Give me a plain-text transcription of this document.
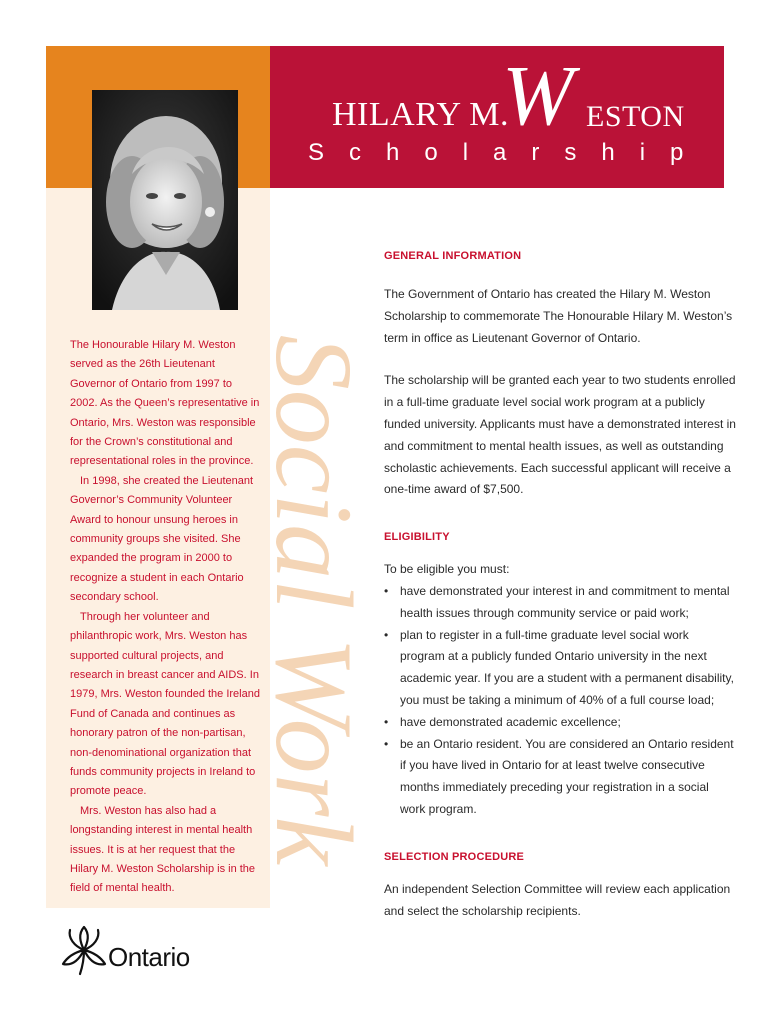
W
HILARY M.	ESTON
Scholarship
Social Work

The Honourable Hilary M. Weston served as the 26th Lieutenant Governor of Ontario from 1997 to 2002. As the Queen’s representative in Ontario, Mrs. Weston was responsible for the Crown’s constitutional and representational roles in the province.

In 1998, she created the Lieutenant Governor’s Community Volunteer Award to honour unsung heroes in community groups she visited. She expanded the program in 2000 to recognize a student in each Ontario secondary school.

Through her volunteer and philanthropic work, Mrs. Weston has supported cultural projects, and research in breast cancer and AIDS. In 1979, Mrs. Weston founded the Ireland Fund of Canada and continues as honorary patron of the non-partisan, non-denominational organization that funds community projects in Ireland to promote peace.

Mrs. Weston has also had a longstanding interest in mental health issues. It is at her request that the Hilary M. Weston Scholarship is in the field of mental health.

GENERAL INFORMATION

The Government of Ontario has created the Hilary M. Weston Scholarship to commemorate The Honourable Hilary M. Weston’s term in office as Lieutenant Governor of Ontario.

The scholarship will be granted each year to two students enrolled in a full-time graduate level social work program at a publicly funded university. Applicants must have a demonstrated interest in and commitment to mental health issues, as well as outstanding scholastic achievements. Each successful applicant will receive a one-time award of $7,500.

ELIGIBILITY

To be eligible you must:

• have demonstrated your interest in and commitment to mental health issues through community service or paid work;
• plan to register in a full-time graduate level social work program at a publicly funded Ontario university in the next academic year. If you are a student with a permanent disability, you must be taking a minimum of 40% of a full course load;
• have demonstrated academic excellence;
• be an Ontario resident. You are considered an Ontario resident if you have lived in Ontario for at least twelve consecutive months immediately preceding your registration in a social work program.
SELECTION PROCEDURE

An independent Selection Committee will review each application and select the scholarship recipients.

Ontario
